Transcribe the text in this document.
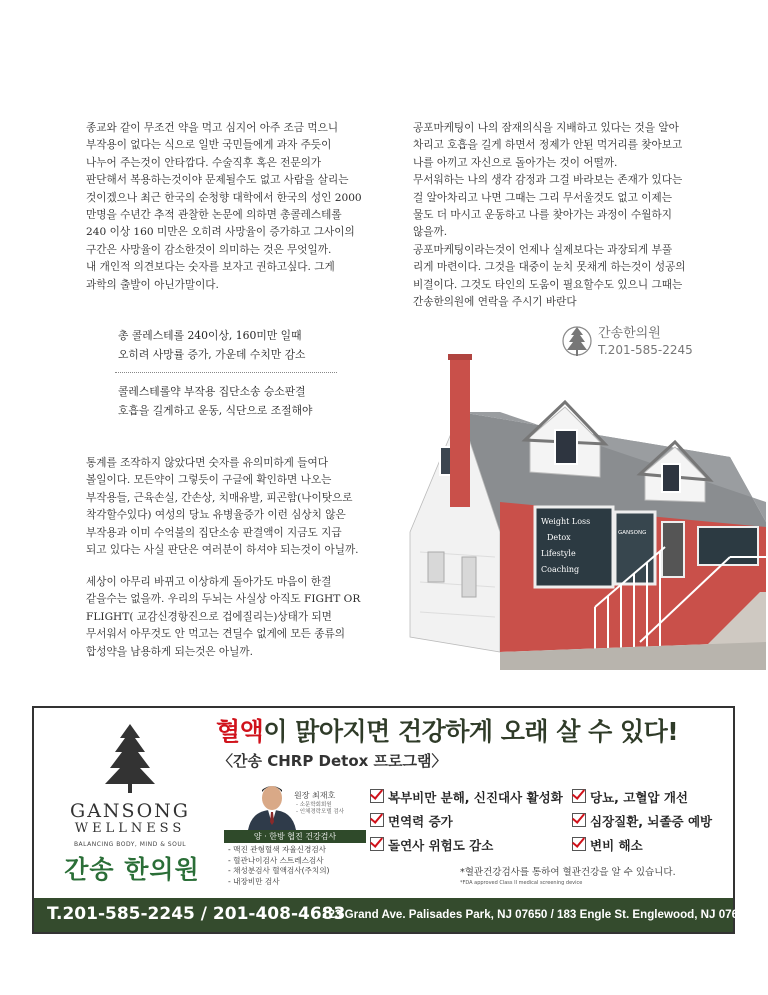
종교와 같이 무조건 약을 먹고 심지어 아주 조금 먹으니
부작용이 없다는 식으로 일반 국민들에게 과자 주듯이
나누어 주는것이 안타깝다. 수술직후 혹은 전문의가
판단해서 복용하는것이야 문제될수도 없고 사람을 살리는
것이겠으나 최근 한국의 순청향 대학에서 한국의 성인 2000
만명을 수년간 추적 관찰한 논문에 의하면 총콜레스테롤
240 이상 160 미만은 오히려 사망율이 증가하고 그사이의
구간은 사망율이 감소한것이 의미하는 것은 무엇일까.
내 개인적 의견보다는 숫자를 보자고 권하고싶다. 그게
과학의 출발이 아닌가말이다.
총 콜레스테롤 240이상, 160미만 일때
오히려 사망률 증가, 가운데 수치만 감소
콜레스테롤약 부작용 집단소송 승소판결
호흡을 길게하고 운동, 식단으로 조절해야
통계를 조작하지 않았다면 숫자를 유의미하게 들여다
볼일이다. 모든약이 그렇듯이 구글에 확인하면 나오는
부작용들, 근육손실, 간손상, 치매유발, 피곤함(나이탓으로
착각할수있다) 여성의 당뇨 유병율증가 이런 심상치 않은
부작용과 이미 수억불의 집단소송 판결액이 지금도 지급
되고 있다는 사실 판단은 여러분이 하셔야 되는것이 아닐까.
세상이 아무리 바뀌고 이상하게 돌아가도 마음이 한결
같을수는 없을까. 우리의 두뇌는 사실상 아직도 FIGHT OR
FLIGHT( 교감신경항진으로 겁에질리는)상태가 되면
무서워서 아무것도 안 먹고는 견딜수 없게에 모든 종류의
합성약을 남용하게 되는것은 아닐까.
공포마케팅이 나의 잠재의식을 지배하고 있다는 것을 알아
차리고 호흡을 길게 하면서 정제가 안된 먹거리를 찾아보고
나를 아끼고 자신으로 돌아가는 것이 어떨까.
무서워하는 나의 생각 감정과 그걸 바라보는 존재가 있다는
걸 알아차리고 나면 그때는 그리 무서울것도 없고 이제는
물도 더 마시고 운동하고 나를 찾아가는 과정이 수월하지
않을까.
공포마케팅이라는것이 언제나 실제보다는 과장되게 부풀
리게 마련이다. 그것을 대중이 눈치 못채게 하는것이 성공의
비결이다. 그것도 타인의 도움이 필요할수도 있으니 그때는
간송한의원에 연락을 주시기 바란다
간송한의원
T.201-585-2245
Weight Loss
Detox
Lifestyle
Coaching
GANSONG
혈액이 맑아지면 건강하게 오래 살 수 있다!
〈간송 CHRP Detox 프로그램〉
GANSONG
WELLNESS
BALANCING BODY, MIND & SOUL
간송 한의원
원장 최재호
- 소문학회회원
- 인체경락모델 검사
양 · 한방 협진 건강검사
- 맥진 관형혈색 자율신경검사
- 혈관나이검사 스트레스검사
- 채성분검사 혈액검사(주치의)
- 내장비만 검사
복부비만 분해, 신진대사 활성화	당뇨, 고혈압 개선
면역력 증가	심장질환, 뇌졸증 예방
돌연사 위험도 감소	변비 해소
*혈관건강검사를 통하여 혈관건강을 알 수 있습니다.
*FDA approved Class II medical screening device
T.201-585-2245 / 201-408-4683
123 Grand Ave. Palisades Park, NJ 07650 / 183 Engle St. Englewood, NJ 07631
